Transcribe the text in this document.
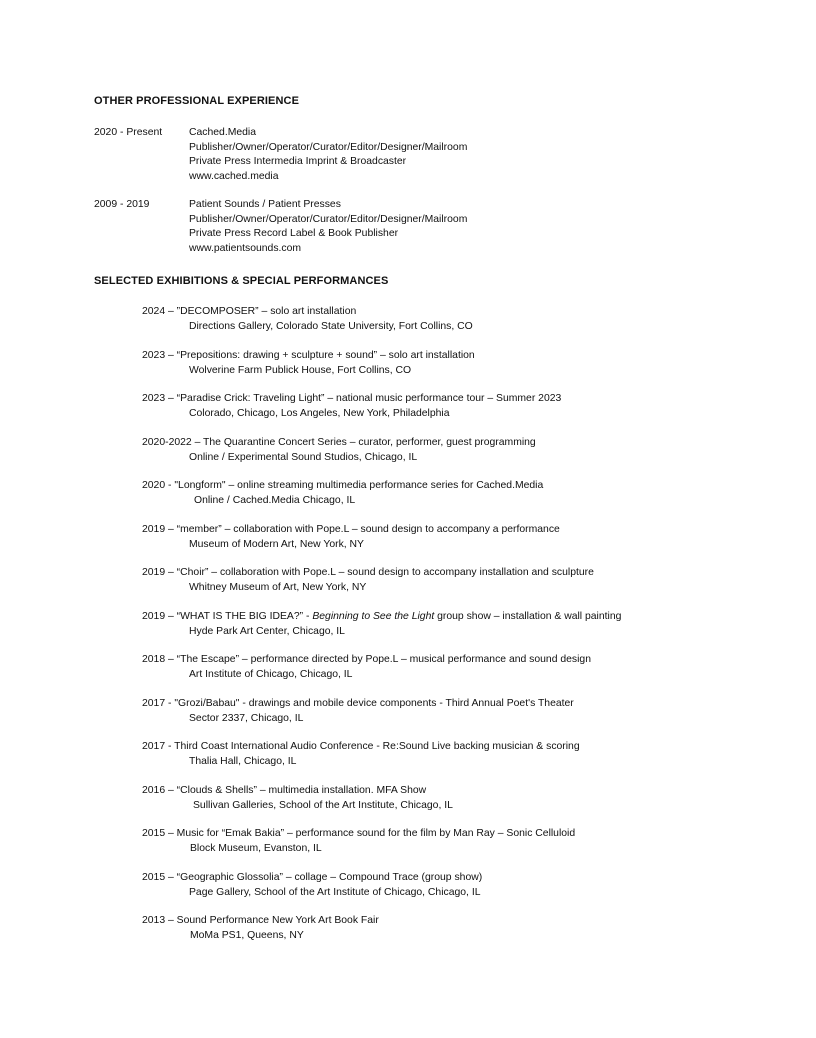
OTHER PROFESSIONAL EXPERIENCE
2020 - Present	Cached.Media
Publisher/Owner/Operator/Curator/Editor/Designer/Mailroom
Private Press Intermedia Imprint & Broadcaster
www.cached.media
2009 - 2019	Patient Sounds / Patient Presses
Publisher/Owner/Operator/Curator/Editor/Designer/Mailroom
Private Press Record Label & Book Publisher
www.patientsounds.com
SELECTED EXHIBITIONS & SPECIAL PERFORMANCES
2024 – ”DECOMPOSER” – solo art installation
Directions Gallery, Colorado State University, Fort Collins, CO
2023 – “Prepositions: drawing + sculpture + sound” – solo art installation
Wolverine Farm Publick House, Fort Collins, CO
2023 – “Paradise Crick: Traveling Light” – national music performance tour – Summer 2023
Colorado, Chicago, Los Angeles, New York, Philadelphia
2020-2022 – The Quarantine Concert Series – curator, performer, guest programming
Online / Experimental Sound Studios, Chicago, IL
2020 - "Longform" – online streaming multimedia performance series for Cached.Media
Online / Cached.Media Chicago, IL
2019 – “member” – collaboration with Pope.L – sound design to accompany a performance
Museum of Modern Art, New York, NY
2019 – “Choir” – collaboration with Pope.L – sound design to accompany installation and sculpture
Whitney Museum of Art, New York, NY
2019 – “WHAT IS THE BIG IDEA?” - Beginning to See the Light group show – installation & wall painting
Hyde Park Art Center, Chicago, IL
2018 – “The Escape” – performance directed by Pope.L – musical performance and sound design
Art Institute of Chicago, Chicago, IL
2017 - "Grozi/Babau" - drawings and mobile device components - Third Annual Poet's Theater
Sector 2337, Chicago, IL
2017 - Third Coast International Audio Conference - Re:Sound Live backing musician & scoring
Thalia Hall, Chicago, IL
2016 – “Clouds & Shells” – multimedia installation. MFA Show
Sullivan Galleries, School of the Art Institute, Chicago, IL
2015 – Music for “Emak Bakia” – performance sound for the film by Man Ray – Sonic Celluloid
Block Museum, Evanston, IL
2015 – “Geographic Glossolia” – collage – Compound Trace (group show)
Page Gallery, School of the Art Institute of Chicago, Chicago, IL
2013 – Sound Performance New York Art Book Fair
MoMa PS1, Queens, NY
